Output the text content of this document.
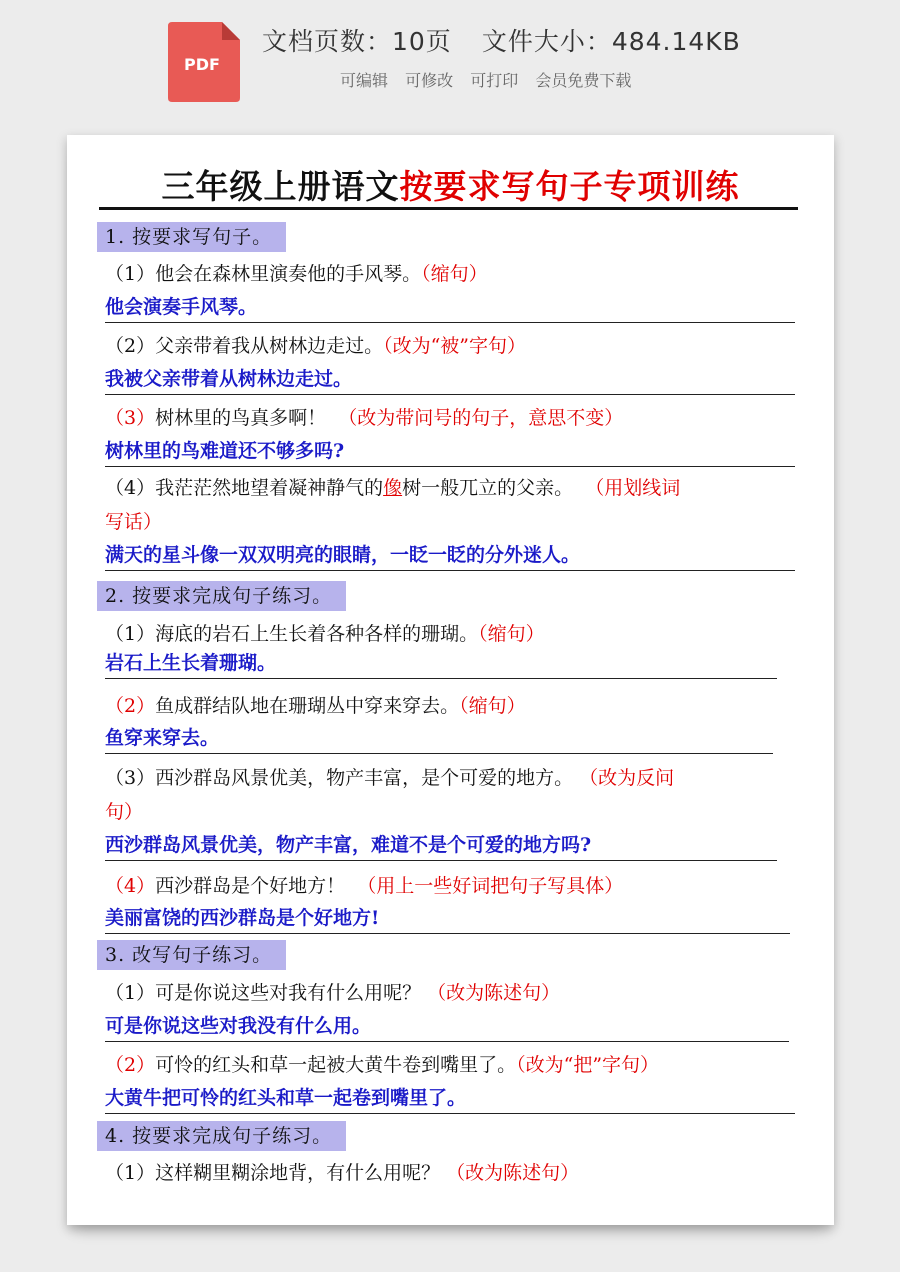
PDF
文档页数：10页 文件大小：484.14KB
可编辑 可修改 可打印 会员免费下载
三年级上册语文按要求写句子专项训练
1. 按要求写句子。
（1）他会在森林里演奏他的手风琴。（缩句）
他会演奏手风琴。
（2）父亲带着我从树林边走过。（改为“被”字句）
我被父亲带着从树林边走过。
（3）树林里的鸟真多啊！ （改为带问号的句子，意思不变）
树林里的鸟难道还不够多吗?
（4）我茫茫然地望着凝神静气的像树一般兀立的父亲。 （用划线词
写话）
满天的星斗像一双双明亮的眼睛，一眨一眨的分外迷人。
2. 按要求完成句子练习。
（1）海底的岩石上生长着各种各样的珊瑚。（缩句）
岩石上生长着珊瑚。
（2）鱼成群结队地在珊瑚丛中穿来穿去。（缩句）
鱼穿来穿去。
（3）西沙群岛风景优美，物产丰富，是个可爱的地方。 （改为反问
句）
西沙群岛风景优美，物产丰富，难道不是个可爱的地方吗?
（4）西沙群岛是个好地方！ （用上一些好词把句子写具体）
美丽富饶的西沙群岛是个好地方!
3. 改写句子练习。
（1）可是你说这些对我有什么用呢？ （改为陈述句）
可是你说这些对我没有什么用。
（2）可怜的红头和草一起被大黄牛卷到嘴里了。（改为“把”字句）
大黄牛把可怜的红头和草一起卷到嘴里了。
4. 按要求完成句子练习。
（1）这样糊里糊涂地背，有什么用呢？ （改为陈述句）
